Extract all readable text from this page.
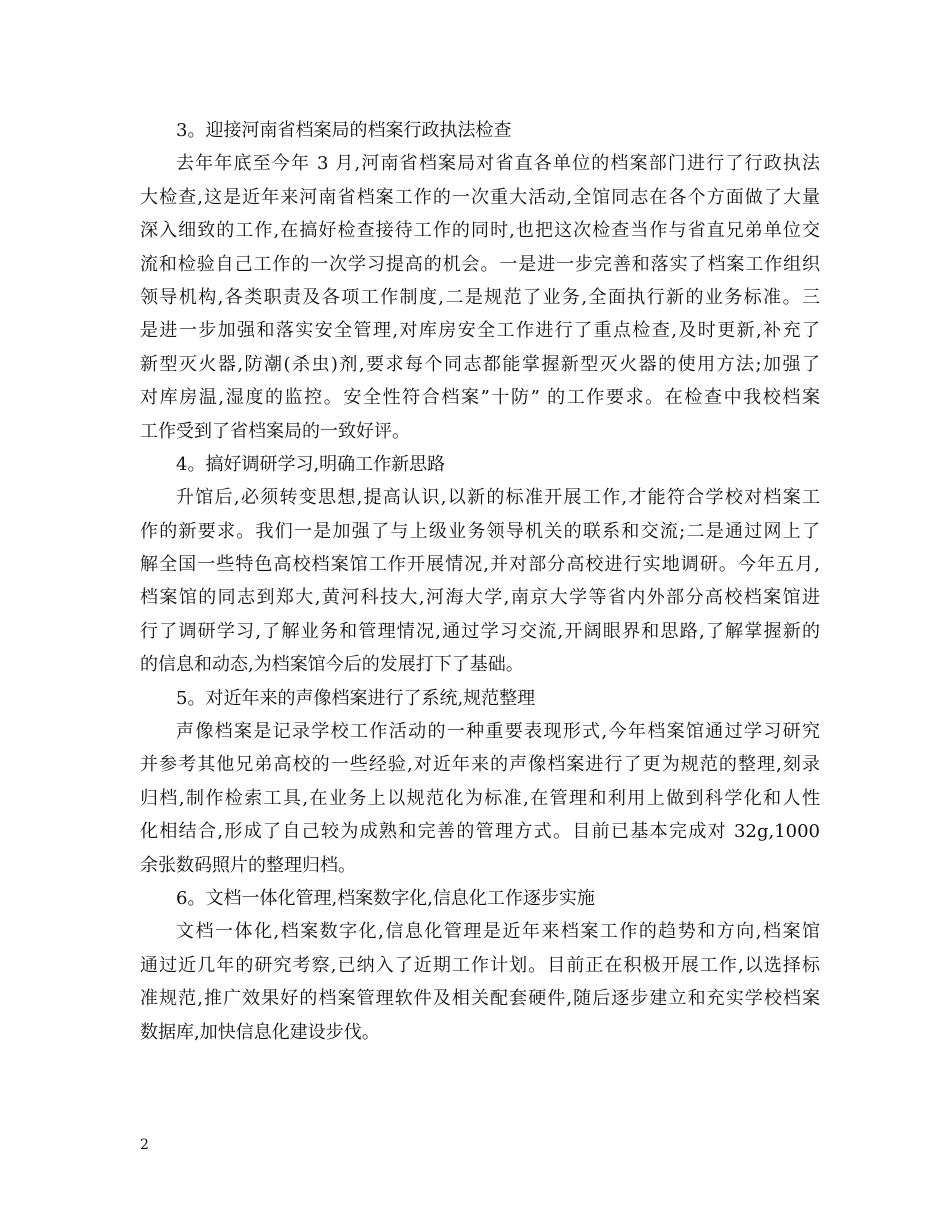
3。迎接河南省档案局的档案行政执法检查
去年年底至今年 3 月,河南省档案局对省直各单位的档案部门进行了行政执法
大检查,这是近年来河南省档案工作的一次重大活动,全馆同志在各个方面做了大量
深入细致的工作,在搞好检查接待工作的同时,也把这次检查当作与省直兄弟单位交
流和检验自己工作的一次学习提高的机会。一是进一步完善和落实了档案工作组织
领导机构,各类职责及各项工作制度,二是规范了业务,全面执行新的业务标准。三
是进一步加强和落实安全管理,对库房安全工作进行了重点检查,及时更新,补充了
新型灭火器,防潮(杀虫)剂,要求每个同志都能掌握新型灭火器的使用方法;加强了
对库房温,湿度的监控。安全性符合档案”十防” 的工作要求。在检查中我校档案
工作受到了省档案局的一致好评。
4。搞好调研学习,明确工作新思路
升馆后,必须转变思想,提高认识,以新的标准开展工作,才能符合学校对档案工
作的新要求。我们一是加强了与上级业务领导机关的联系和交流;二是通过网上了
解全国一些特色高校档案馆工作开展情况,并对部分高校进行实地调研。今年五月,
档案馆的同志到郑大,黄河科技大,河海大学,南京大学等省内外部分高校档案馆进
行了调研学习,了解业务和管理情况,通过学习交流,开阔眼界和思路,了解掌握新的
的信息和动态,为档案馆今后的发展打下了基础。
5。对近年来的声像档案进行了系统,规范整理
声像档案是记录学校工作活动的一种重要表现形式,今年档案馆通过学习研究
并参考其他兄弟高校的一些经验,对近年来的声像档案进行了更为规范的整理,刻录
归档,制作检索工具,在业务上以规范化为标准,在管理和利用上做到科学化和人性
化相结合,形成了自己较为成熟和完善的管理方式。目前已基本完成对 32g,1000
余张数码照片的整理归档。
6。文档一体化管理,档案数字化,信息化工作逐步实施
文档一体化,档案数字化,信息化管理是近年来档案工作的趋势和方向,档案馆
通过近几年的研究考察,已纳入了近期工作计划。目前正在积极开展工作,以选择标
准规范,推广效果好的档案管理软件及相关配套硬件,随后逐步建立和充实学校档案
数据库,加快信息化建设步伐。
2
